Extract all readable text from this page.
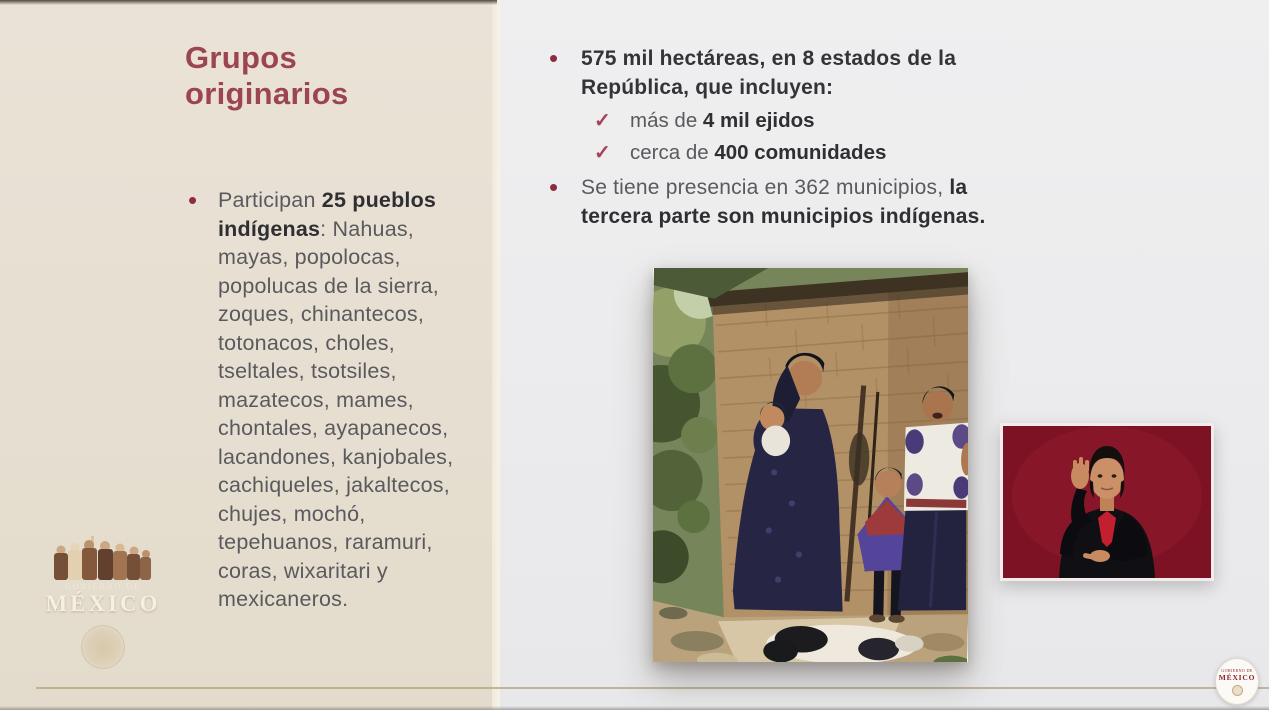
Grupos
originarios
• Participan 25 pueblos indígenas: Nahuas, mayas, popolocas, popolucas de la sierra, zoques, chinantecos, totonacos, choles, tseltales, tsotsiles, mazatecos, mames, chontales, ayapanecos, lacandones, kanjobales, cachiqueles, jakaltecos, chujes, mochó, tepehuanos, raramuri, coras, wixaritari y mexicaneros.
•	575 mil hectáreas, en 8 estados de la República, que incluyen:
✓ más de 4 mil ejidos
✓ cerca de 400 comunidades
•	Se tiene presencia en 362 municipios, la tercera parte son municipios indígenas.
GOBIERNO DE
MÉXICO
GOBIERNO DE
MÉXICO
